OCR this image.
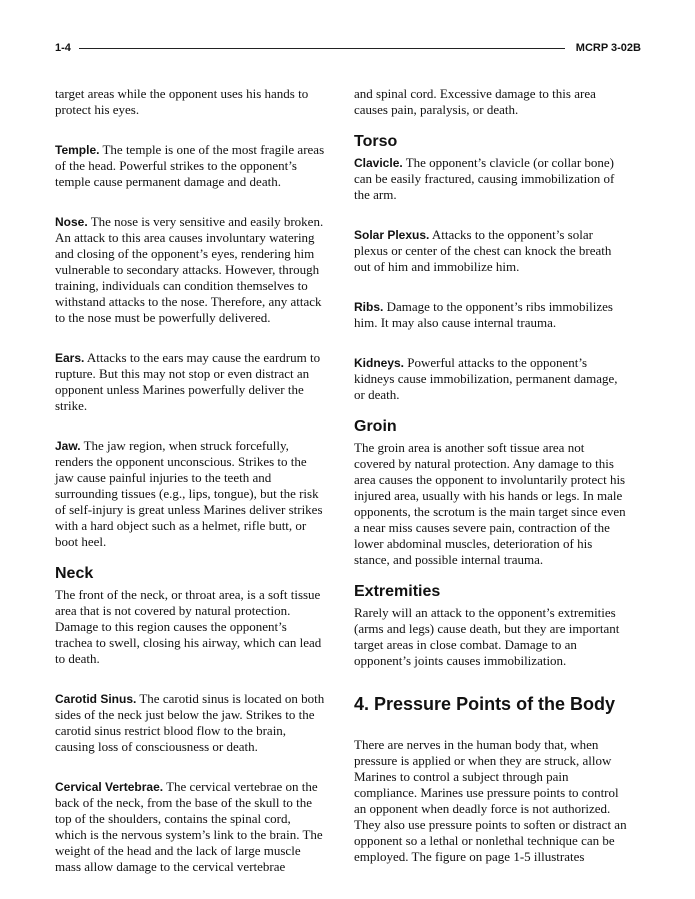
1-4	MCRP 3-02B

target areas while the opponent uses his hands to protect his eyes.

Temple. The temple is one of the most fragile areas of the head. Powerful strikes to the opponent’s temple cause permanent damage and death.

Nose. The nose is very sensitive and easily broken. An attack to this area causes involuntary watering and closing of the opponent’s eyes, rendering him vulnerable to secondary attacks. However, through training, individuals can condition themselves to withstand attacks to the nose. Therefore, any attack to the nose must be powerfully delivered.

Ears. Attacks to the ears may cause the eardrum to rupture. But this may not stop or even distract an opponent unless Marines powerfully deliver the strike.

Jaw. The jaw region, when struck forcefully, renders the opponent unconscious. Strikes to the jaw cause painful injuries to the teeth and surrounding tissues (e.g., lips, tongue), but the risk of self-injury is great unless Marines deliver strikes with a hard object such as a helmet, rifle butt, or boot heel.

Neck

The front of the neck, or throat area, is a soft tissue area that is not covered by natural protection. Damage to this region causes the opponent’s trachea to swell, closing his airway, which can lead to death.

Carotid Sinus. The carotid sinus is located on both sides of the neck just below the jaw. Strikes to the carotid sinus restrict blood flow to the brain, causing loss of consciousness or death.

Cervical Vertebrae. The cervical vertebrae on the back of the neck, from the base of the skull to the top of the shoulders, contains the spinal cord, which is the nervous system’s link to the brain. The weight of the head and the lack of large muscle mass allow damage to the cervical vertebrae

and spinal cord. Excessive damage to this area causes pain, paralysis, or death.

Torso

Clavicle. The opponent’s clavicle (or collar bone) can be easily fractured, causing immobilization of the arm.

Solar Plexus. Attacks to the opponent’s solar plexus or center of the chest can knock the breath out of him and immobilize him.

Ribs. Damage to the opponent’s ribs immobilizes him. It may also cause internal trauma.

Kidneys. Powerful attacks to the opponent’s kidneys cause immobilization, permanent damage, or death.

Groin

The groin area is another soft tissue area not covered by natural protection. Any damage to this area causes the opponent to involuntarily protect his injured area, usually with his hands or legs. In male opponents, the scrotum is the main target since even a near miss causes severe pain, contraction of the lower abdominal muscles, deterioration of his stance, and possible internal trauma.

Extremities

Rarely will an attack to the opponent’s extremities (arms and legs) cause death, but they are important target areas in close combat. Damage to an opponent’s joints causes immobilization.

4. Pressure Points of the Body

There are nerves in the human body that, when pressure is applied or when they are struck, allow Marines to control a subject through pain compliance. Marines use pressure points to control an opponent when deadly force is not authorized. They also use pressure points to soften or distract an opponent so a lethal or nonlethal technique can be employed. The figure on page 1-5 illustrates
